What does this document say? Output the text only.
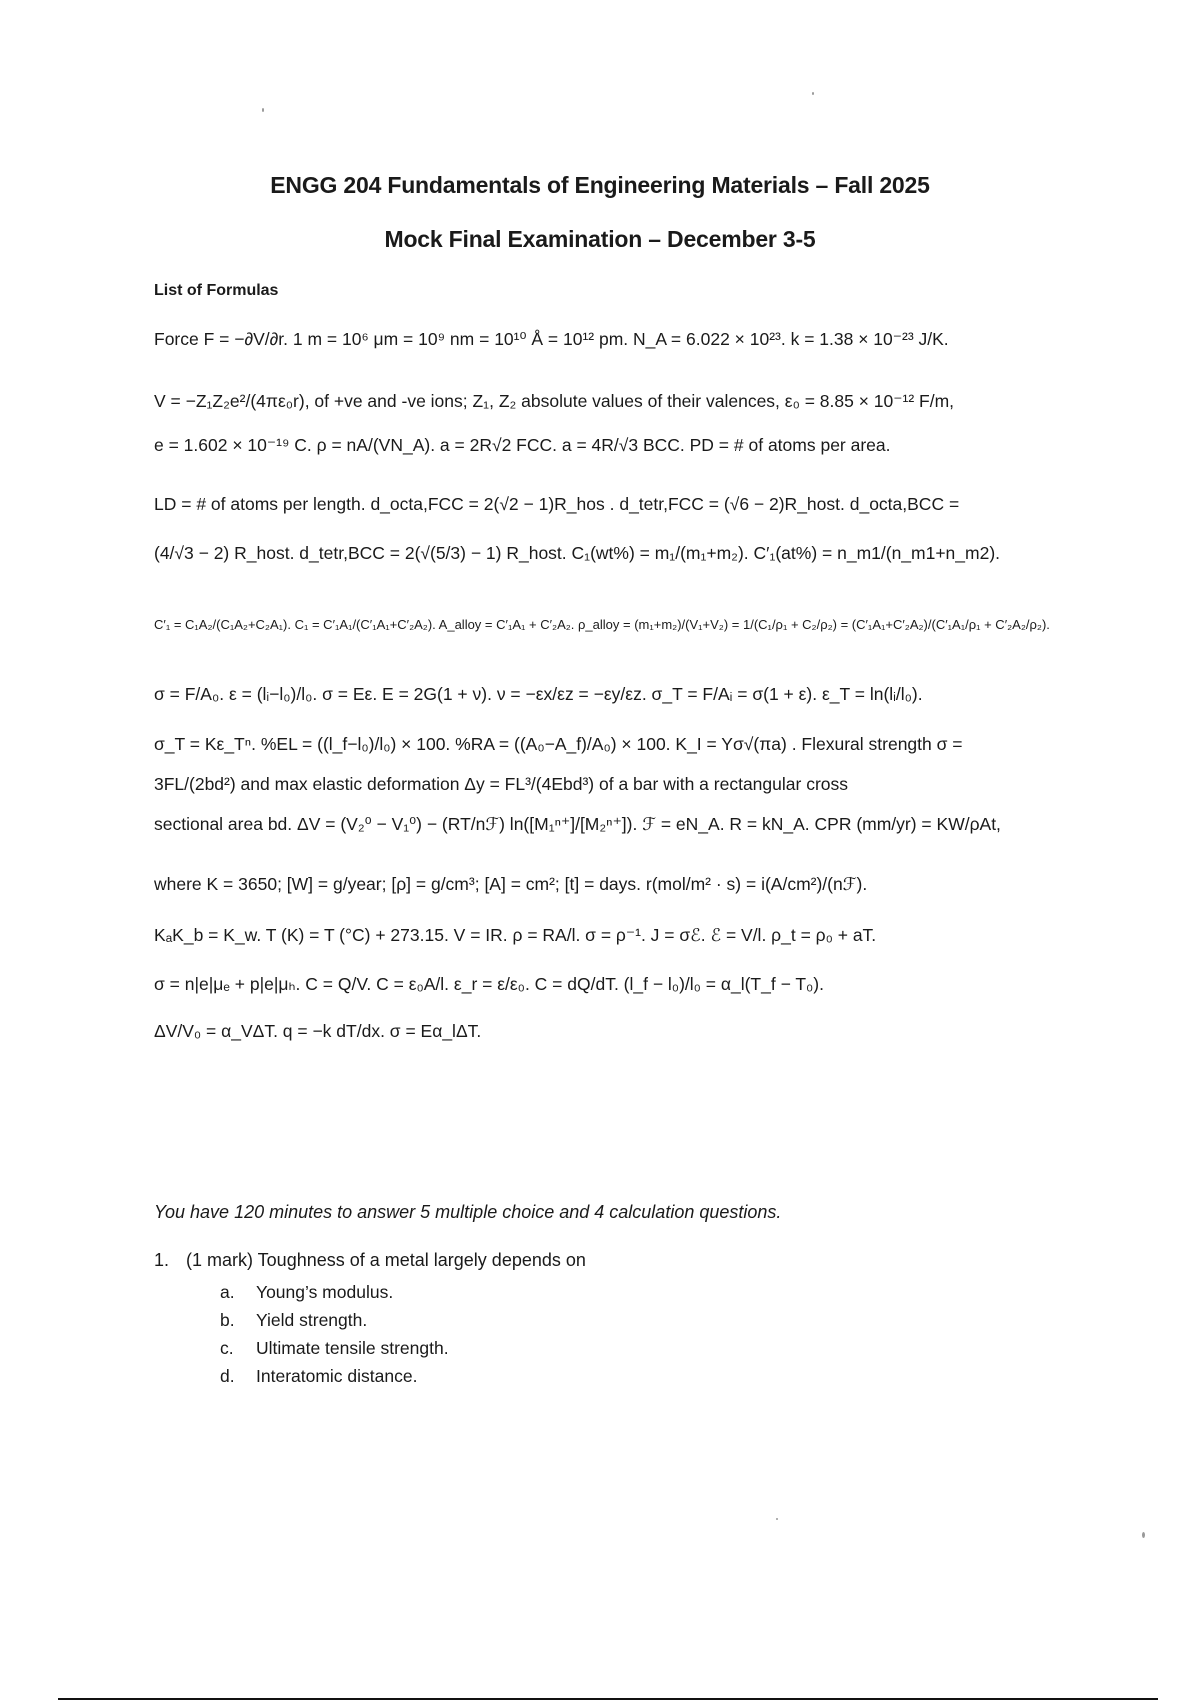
ENGG 204 Fundamentals of Engineering Materials – Fall 2025
Mock Final Examination – December 3-5
List of Formulas
Force F = −∂V/∂r. 1 m = 10⁶ μm = 10⁹ nm = 10¹⁰ Å = 10¹² pm. N_A = 6.022 × 10²³. k = 1.38 × 10⁻²³ J/K.
V = −Z₁Z₂e²/(4πε₀r), of +ve and -ve ions; Z₁, Z₂ absolute values of their valences, ε₀ = 8.85 × 10⁻¹² F/m,
e = 1.602 × 10⁻¹⁹ C. ρ = nA/(VN_A). a = 2R√2 FCC. a = 4R/√3 BCC. PD = # of atoms per area.
LD = # of atoms per length. d_octa,FCC = 2(√2 − 1)R_hos . d_tetr,FCC = (√6 − 2)R_host. d_octa,BCC =
(4/√3 − 2) R_host. d_tetr,BCC = 2(√(5/3) − 1) R_host. C₁(wt%) = m₁/(m₁+m₂). C′₁(at%) = n_m1/(n_m1+n_m2).
C′₁ = C₁A₂/(C₁A₂+C₂A₁). C₁ = C′₁A₁/(C′₁A₁+C′₂A₂). A_alloy = C′₁A₁ + C′₂A₂. ρ_alloy = (m₁+m₂)/(V₁+V₂) = 1/(C₁/ρ₁ + C₂/ρ₂) = (C′₁A₁+C′₂A₂)/(C′₁A₁/ρ₁ + C′₂A₂/ρ₂).
σ = F/A₀. ε = (lᵢ−l₀)/l₀. σ = Eε. E = 2G(1 + ν). ν = −εx/εz = −εy/εz. σ_T = F/Aᵢ = σ(1 + ε). ε_T = ln(lᵢ/l₀).
σ_T = Kε_Tⁿ. %EL = ((l_f−l₀)/l₀) × 100. %RA = ((A₀−A_f)/A₀) × 100. K_I = Yσ√(πa) . Flexural strength σ =
3FL/(2bd²) and max elastic deformation Δy = FL³/(4Ebd³) of a bar with a rectangular cross
sectional area bd. ΔV = (V₂⁰ − V₁⁰) − (RT/nℱ) ln([M₁ⁿ⁺]/[M₂ⁿ⁺]). ℱ = eN_A. R = kN_A. CPR (mm/yr) = KW/ρAt,
where K = 3650; [W] = g/year; [ρ] = g/cm³; [A] = cm²; [t] = days. r(mol/m² · s) = i(A/cm²)/(nℱ).
KₐK_b = K_w. T (K) = T (°C) + 273.15. V = IR. ρ = RA/l. σ = ρ⁻¹. J = σℰ. ℰ = V/l. ρ_t = ρ₀ + aT.
σ = n|e|μₑ + p|e|μₕ. C = Q/V. C = ε₀A/l. ε_r = ε/ε₀. C = dQ/dT. (l_f − l₀)/l₀ = α_l(T_f − T₀).
ΔV/V₀ = α_VΔT. q = −k dT/dx. σ = Eα_lΔT.
You have 120 minutes to answer 5 multiple choice and 4 calculation questions.
1. (1 mark) Toughness of a metal largely depends on
a. Young’s modulus.
b. Yield strength.
c. Ultimate tensile strength.
d. Interatomic distance.
